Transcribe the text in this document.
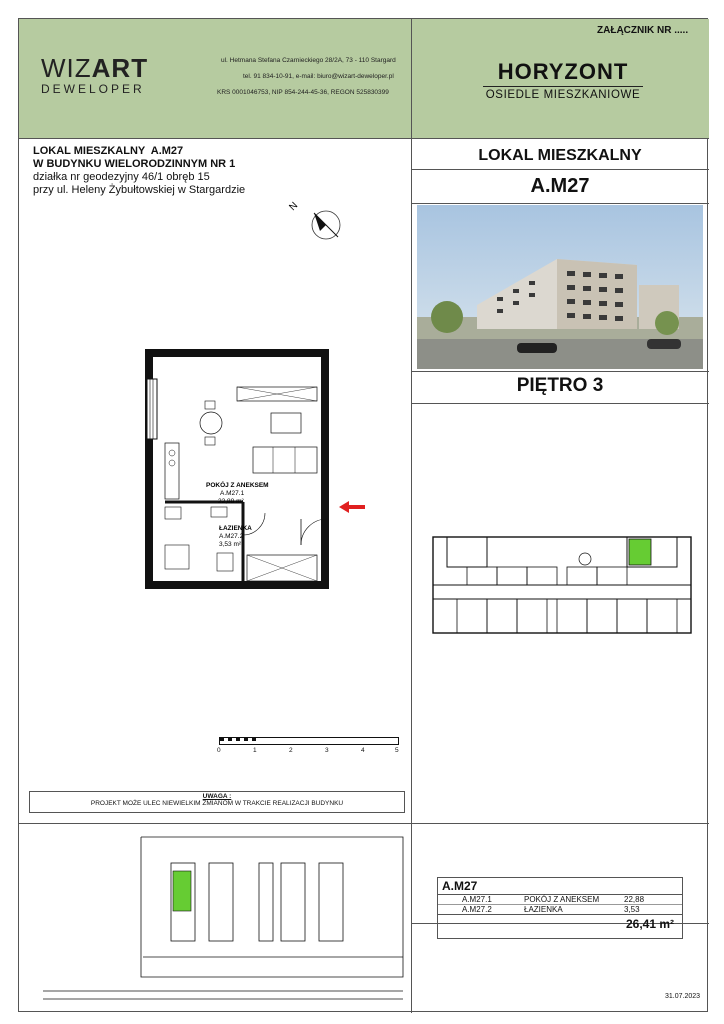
WIZART
DEWELOPER
ul. Hetmana Stefana Czarnieckiego 28/2A, 73 - 110 Stargard
tel. 91 834-10-91, e-mail: biuro@wizart-deweloper.pl
KRS 0001046753, NIP 854-244-45-36, REGON 525830399
ZAŁĄCZNIK NR .....
HORYZONT
OSIEDLE MIESZKANIOWE
LOKAL MIESZKALNY  A.M27
W BUDYNKU WIELORODZINNYM NR 1
działka nr geodezyjny 46/1 obręb 15
przy ul. Heleny Żybułtowskiej w Stargardzie
N
POKÓJ Z ANEKSEM
A.M27.1
22,88 m²
ŁAZIENKA
A.M27.2
3,53 m²
0	1	2	3	4	5
UWAGA :
PROJEKT MOŻE ULEC NIEWIELKIM ZMIANOM W TRAKCIE REALIZACJI BUDYNKU
LOKAL MIESZKALNY
A.M27
PIĘTRO 3
A.M27
A.M27.1	POKÓJ Z ANEKSEM	22,88
A.M27.2	ŁAZIENKA	3,53
26,41 m²
31.07.2023
